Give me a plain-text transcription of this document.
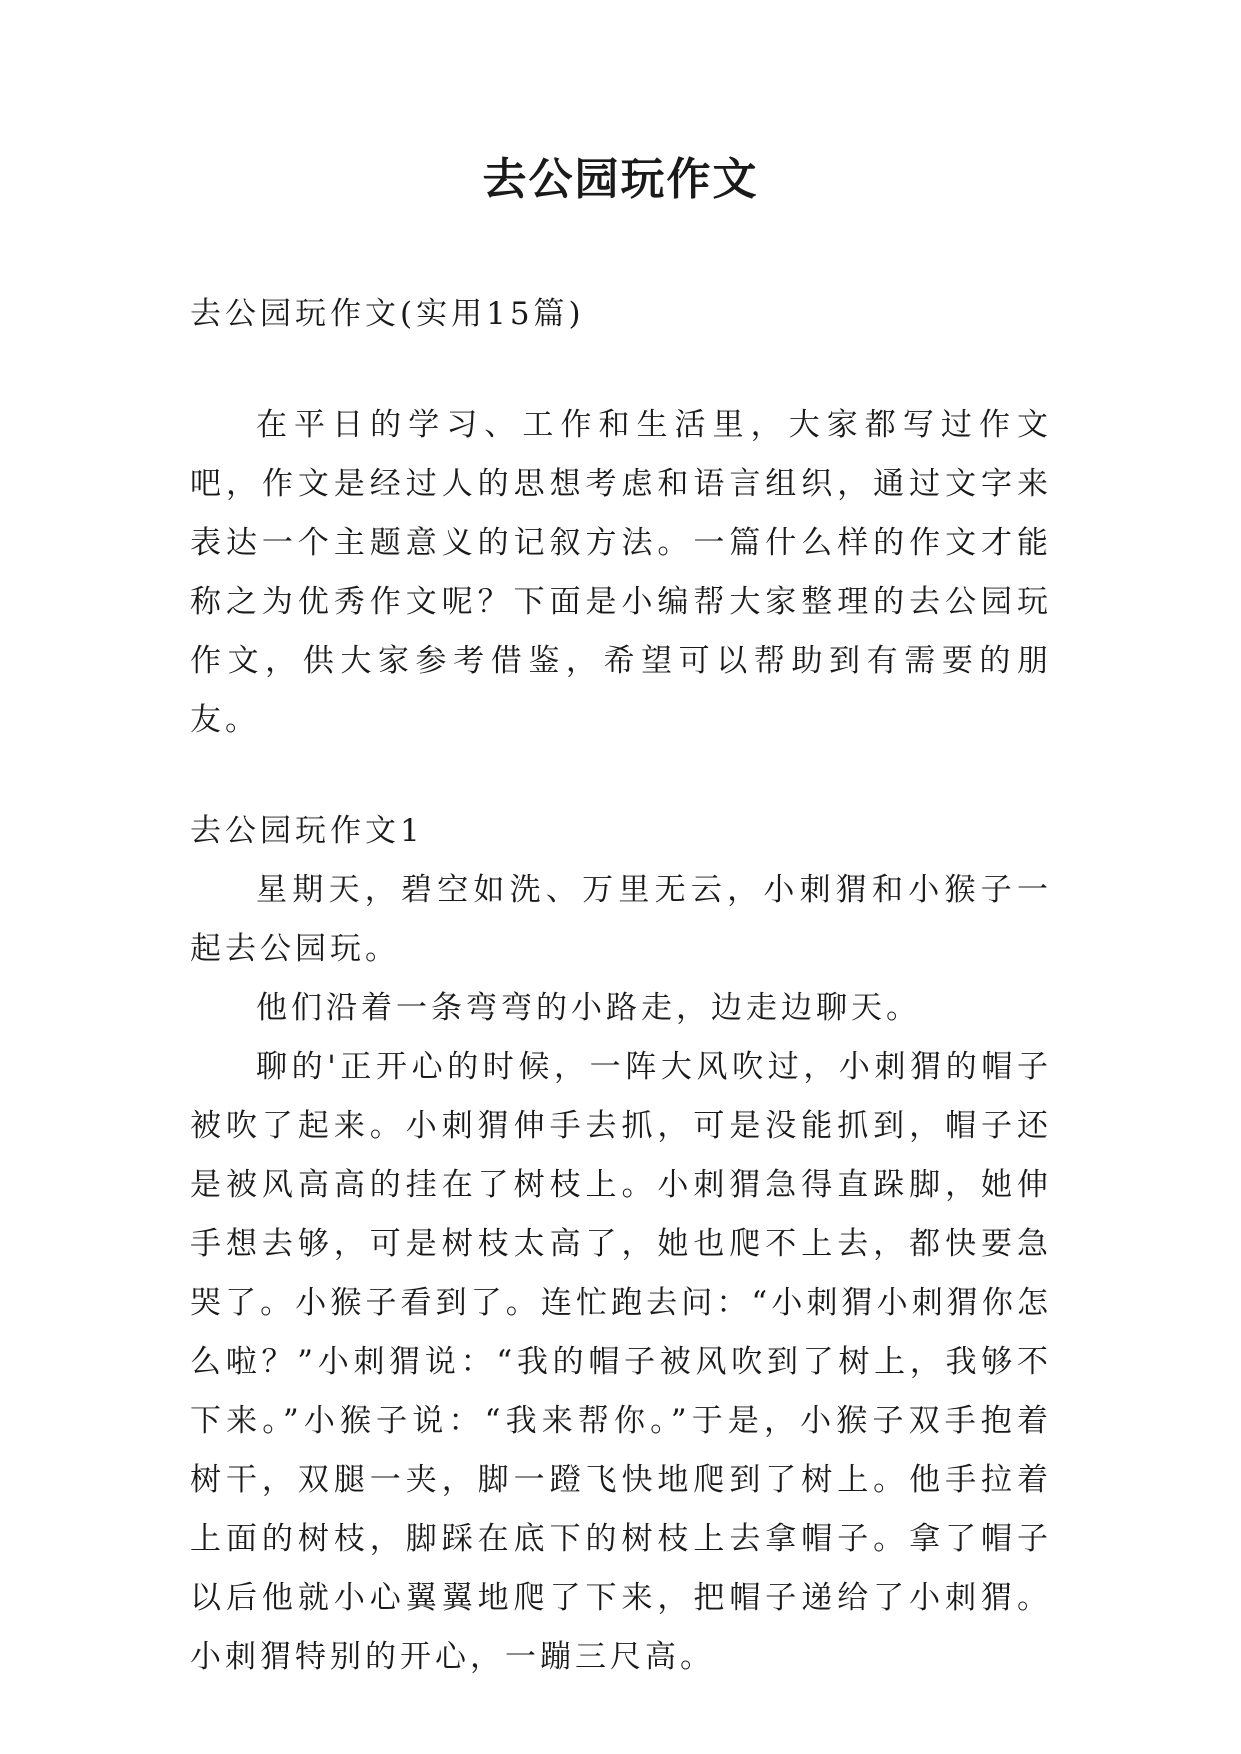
去公园玩作文

去公园玩作文(实用15篇)

在平日的学习、工作和生活里，大家都写过作文吧，作文是经过人的思想考虑和语言组织，通过文字来表达一个主题意义的记叙方法。一篇什么样的作文才能称之为优秀作文呢？下面是小编帮大家整理的去公园玩作文，供大家参考借鉴，希望可以帮助到有需要的朋友。

去公园玩作文1

星期天，碧空如洗、万里无云，小刺猬和小猴子一起去公园玩。

他们沿着一条弯弯的小路走，边走边聊天。

聊的'正开心的时候，一阵大风吹过，小刺猬的帽子被吹了起来。小刺猬伸手去抓，可是没能抓到，帽子还是被风高高的挂在了树枝上。小刺猬急得直跺脚，她伸手想去够，可是树枝太高了，她也爬不上去，都快要急哭了。小猴子看到了。连忙跑去问：“小刺猬小刺猬你怎么啦？”小刺猬说：“我的帽子被风吹到了树上，我够不下来。”小猴子说：“我来帮你。”于是，小猴子双手抱着树干，双腿一夹，脚一蹬飞快地爬到了树上。他手拉着上面的树枝，脚踩在底下的树枝上去拿帽子。拿了帽子以后他就小心翼翼地爬了下来，把帽子递给了小刺猬。小刺猬特别的开心，一蹦三尺高。
